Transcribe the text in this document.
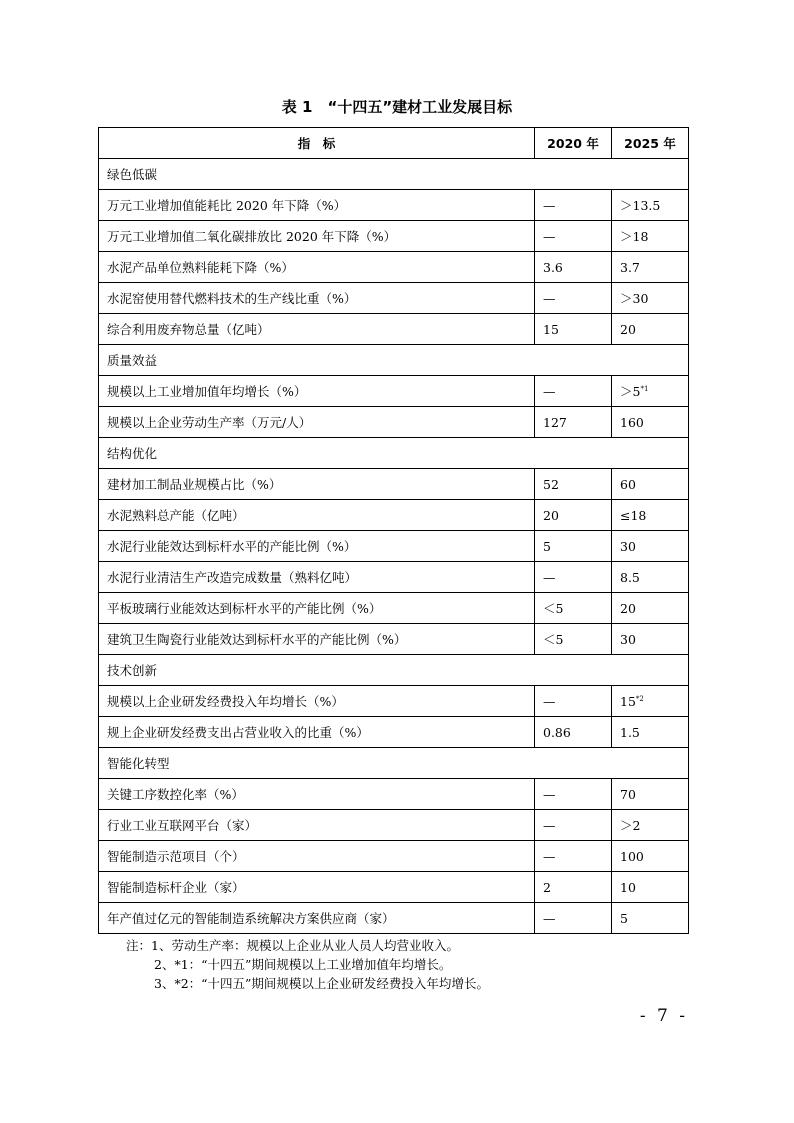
表 1　“十四五”建材工业发展目标
指　标	2020 年	2025 年
绿色低碳		
万元工业增加值能耗比 2020 年下降（%）	—	＞13.5
万元工业增加值二氧化碳排放比 2020 年下降（%）	—	＞18
水泥产品单位熟料能耗下降（%）	3.6	3.7
水泥窑使用替代燃料技术的生产线比重（%）	—	＞30
综合利用废弃物总量（亿吨）	15	20
质量效益		
规模以上工业增加值年均增长（%）	—	$>5^{*1}$
规模以上企业劳动生产率（万元/人）	127	160
结构优化		
建材加工制品业规模占比（%）	52	60
水泥熟料总产能（亿吨）	20	≤18
水泥行业能效达到标杆水平的产能比例（%）	5	30
水泥行业清洁生产改造完成数量（熟料亿吨）	—	8.5
平板玻璃行业能效达到标杆水平的产能比例（%）	＜5	20
建筑卫生陶瓷行业能效达到标杆水平的产能比例（%）	＜5	30
技术创新		
规模以上企业研发经费投入年均增长（%）	—	15$^{*2}$
规上企业研发经费支出占营业收入的比重（%）	0.86	1.5
智能化转型		
关键工序数控化率（%）	—	70
行业工业互联网平台（家）	—	＞2
智能制造示范项目（个）	—	100
智能制造标杆企业（家）	2	10
年产值过亿元的智能制造系统解决方案供应商（家）	—	5
注：1、劳动生产率：规模以上企业从业人员人均营业收入。
2、*1：“十四五”期间规模以上工业增加值年均增长。
3、*2：“十四五”期间规模以上企业研发经费投入年均增长。
- 7 -
